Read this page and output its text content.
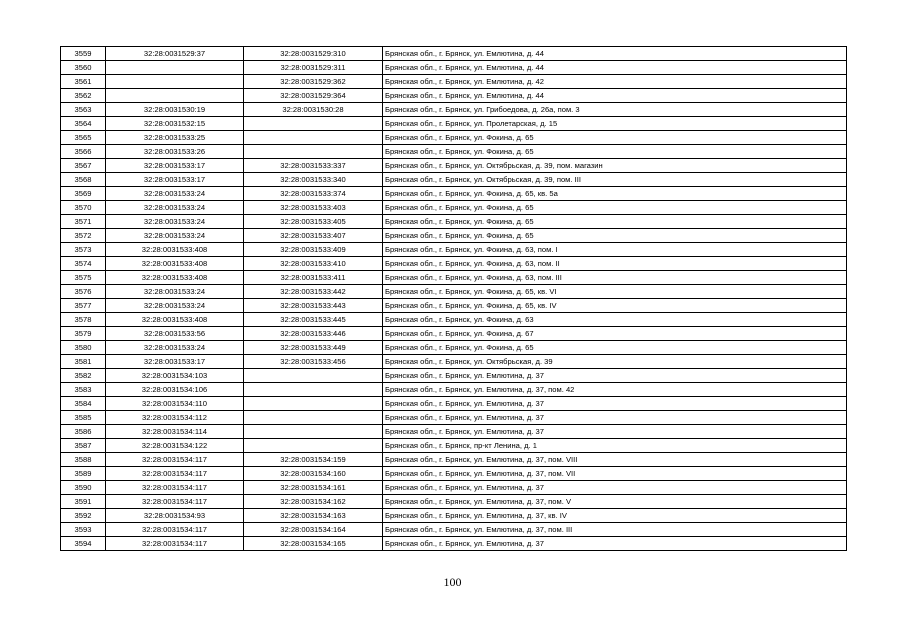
3559	32:28:0031529:37	32:28:0031529:310	Брянская обл., г. Брянск, ул. Емлютина, д. 44
3560		32:28:0031529:311	Брянская обл., г. Брянск, ул. Емлютина, д. 44
3561		32:28:0031529:362	Брянская обл., г. Брянск, ул. Емлютина, д. 42
3562		32:28:0031529:364	Брянская обл., г. Брянск, ул. Емлютина, д. 44
3563	32:28:0031530:19	32:28:0031530:28	Брянская обл., г. Брянск, ул. Грибоедова, д. 26а, пом. 3
3564	32:28:0031532:15		Брянская обл., г. Брянск, ул. Пролетарская, д. 15
3565	32:28:0031533:25		Брянская обл., г. Брянск, ул. Фокина, д. 65
3566	32:28:0031533:26		Брянская обл., г. Брянск, ул. Фокина, д. 65
3567	32:28:0031533:17	32:28:0031533:337	Брянская обл., г. Брянск, ул. Октябрьская, д. 39, пом. магазин
3568	32:28:0031533:17	32:28:0031533:340	Брянская обл., г. Брянск, ул. Октябрьская, д. 39, пом. III
3569	32:28:0031533:24	32:28:0031533:374	Брянская обл., г. Брянск, ул. Фокина, д. 65, кв. 5а
3570	32:28:0031533:24	32:28:0031533:403	Брянская обл., г. Брянск, ул. Фокина, д. 65
3571	32:28:0031533:24	32:28:0031533:405	Брянская обл., г. Брянск, ул. Фокина, д. 65
3572	32:28:0031533:24	32:28:0031533:407	Брянская обл., г. Брянск, ул. Фокина, д. 65
3573	32:28:0031533:408	32:28:0031533:409	Брянская обл., г. Брянск, ул. Фокина, д. 63, пом. I
3574	32:28:0031533:408	32:28:0031533:410	Брянская обл., г. Брянск, ул. Фокина, д. 63, пом. II
3575	32:28:0031533:408	32:28:0031533:411	Брянская обл., г. Брянск, ул. Фокина, д. 63, пом. III
3576	32:28:0031533:24	32:28:0031533:442	Брянская обл., г. Брянск, ул. Фокина, д. 65, кв. VI
3577	32:28:0031533:24	32:28:0031533:443	Брянская обл., г. Брянск, ул. Фокина, д. 65, кв. IV
3578	32:28:0031533:408	32:28:0031533:445	Брянская обл., г. Брянск, ул. Фокина, д. 63
3579	32:28:0031533:56	32:28:0031533:446	Брянская обл., г. Брянск, ул. Фокина, д. 67
3580	32:28:0031533:24	32:28:0031533:449	Брянская обл., г. Брянск, ул. Фокина, д. 65
3581	32:28:0031533:17	32:28:0031533:456	Брянская обл., г. Брянск, ул. Октябрьская, д. 39
3582	32:28:0031534:103		Брянская обл., г. Брянск, ул. Емлютина, д. 37
3583	32:28:0031534:106		Брянская обл., г. Брянск, ул. Емлютина, д. 37, пом. 42
3584	32:28:0031534:110		Брянская обл., г. Брянск, ул. Емлютина, д. 37
3585	32:28:0031534:112		Брянская обл., г. Брянск, ул. Емлютина, д. 37
3586	32:28:0031534:114		Брянская обл., г. Брянск, ул. Емлютина, д. 37
3587	32:28:0031534:122		Брянская обл., г. Брянск, пр-кт Ленина, д. 1
3588	32:28:0031534:117	32:28:0031534:159	Брянская обл., г. Брянск, ул. Емлютина, д. 37, пом. VIII
3589	32:28:0031534:117	32:28:0031534:160	Брянская обл., г. Брянск, ул. Емлютина, д. 37, пом. VII
3590	32:28:0031534:117	32:28:0031534:161	Брянская обл., г. Брянск, ул. Емлютина, д. 37
3591	32:28:0031534:117	32:28:0031534:162	Брянская обл., г. Брянск, ул. Емлютина, д. 37, пом. V
3592	32:28:0031534:93	32:28:0031534:163	Брянская обл., г. Брянск, ул. Емлютина, д. 37, кв. IV
3593	32:28:0031534:117	32:28:0031534:164	Брянская обл., г. Брянск, ул. Емлютина, д. 37, пом. III
3594	32:28:0031534:117	32:28:0031534:165	Брянская обл., г. Брянск, ул. Емлютина, д. 37
100
